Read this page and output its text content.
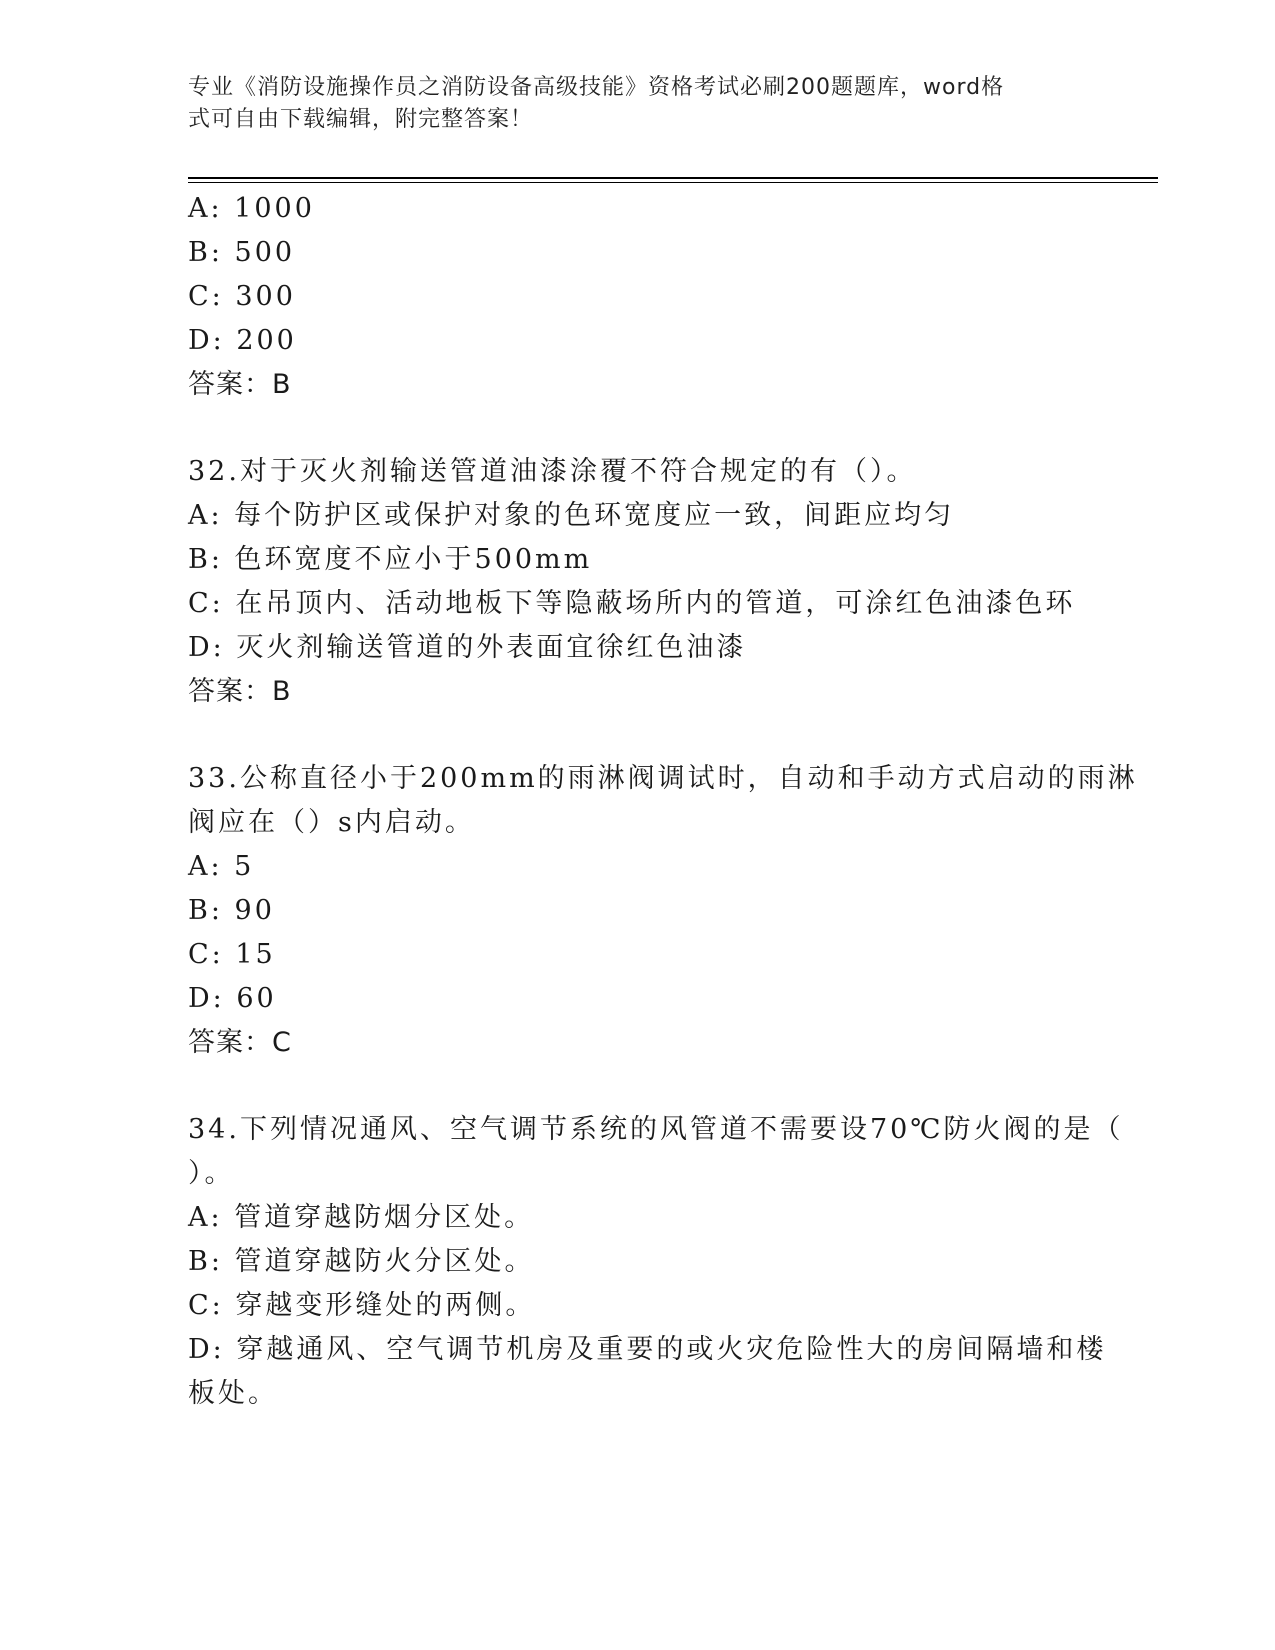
专业《消防设施操作员之消防设备高级技能》资格考试必刷200题题库，word格
式可自由下载编辑，附完整答案！
A: 1000
B: 500
C: 300
D: 200
答案：B
32.对于灭火剂输送管道油漆涂覆不符合规定的有（）。
A: 每个防护区或保护对象的色环宽度应一致，间距应均匀
B: 色环宽度不应小于500mm
C: 在吊顶内、活动地板下等隐蔽场所内的管道，可涂红色油漆色环
D: 灭火剂输送管道的外表面宜徐红色油漆
答案：B
33.公称直径小于200mm的雨淋阀调试时，自动和手动方式启动的雨淋
阀应在（）s内启动。
A: 5
B: 90
C: 15
D: 60
答案：C
34.下列情况通风、空气调节系统的风管道不需要设70℃防火阀的是（
）。
A: 管道穿越防烟分区处。
B: 管道穿越防火分区处。
C: 穿越变形缝处的两侧。
D: 穿越通风、空气调节机房及重要的或火灾危险性大的房间隔墙和楼
板处。
